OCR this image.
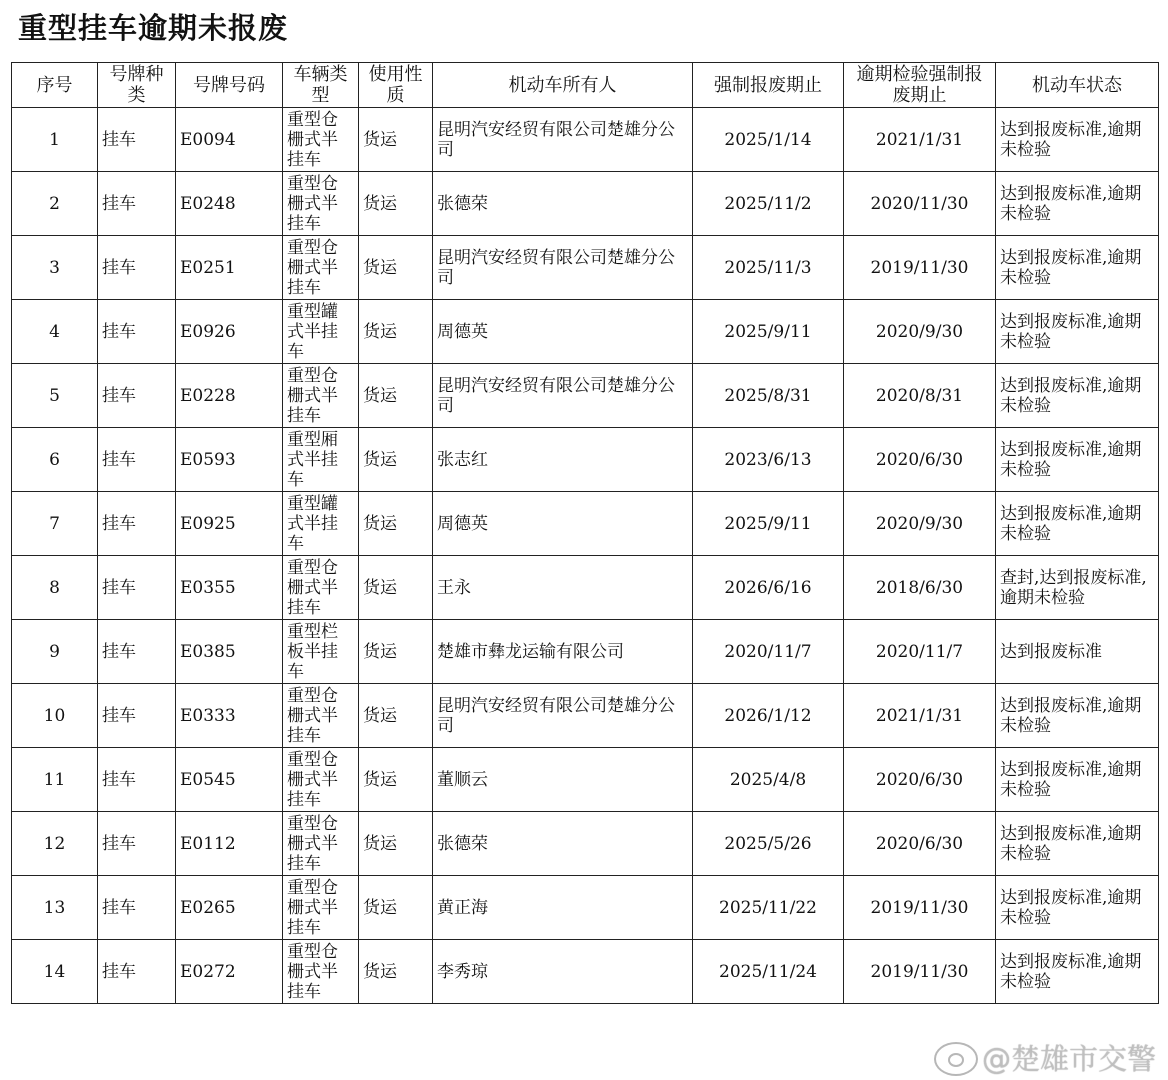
重型挂车逾期未报废
序号	号牌种类	号牌号码	车辆类型	使用性质	机动车所有人	强制报废期止	逾期检验强制报废期止	机动车状态
1	挂车	E0094	重型仓栅式半挂车	货运	昆明汽安经贸有限公司楚雄分公司	2025/1/14	2021/1/31	达到报废标准,逾期未检验
2	挂车	E0248	重型仓栅式半挂车	货运	张德荣	2025/11/2	2020/11/30	达到报废标准,逾期未检验
3	挂车	E0251	重型仓栅式半挂车	货运	昆明汽安经贸有限公司楚雄分公司	2025/11/3	2019/11/30	达到报废标准,逾期未检验
4	挂车	E0926	重型罐式半挂车	货运	周德英	2025/9/11	2020/9/30	达到报废标准,逾期未检验
5	挂车	E0228	重型仓栅式半挂车	货运	昆明汽安经贸有限公司楚雄分公司	2025/8/31	2020/8/31	达到报废标准,逾期未检验
6	挂车	E0593	重型厢式半挂车	货运	张志红	2023/6/13	2020/6/30	达到报废标准,逾期未检验
7	挂车	E0925	重型罐式半挂车	货运	周德英	2025/9/11	2020/9/30	达到报废标准,逾期未检验
8	挂车	E0355	重型仓栅式半挂车	货运	王永	2026/6/16	2018/6/30	查封,达到报废标准,逾期未检验
9	挂车	E0385	重型栏板半挂车	货运	楚雄市彝龙运输有限公司	2020/11/7	2020/11/7	达到报废标准
10	挂车	E0333	重型仓栅式半挂车	货运	昆明汽安经贸有限公司楚雄分公司	2026/1/12	2021/1/31	达到报废标准,逾期未检验
11	挂车	E0545	重型仓栅式半挂车	货运	董顺云	2025/4/8	2020/6/30	达到报废标准,逾期未检验
12	挂车	E0112	重型仓栅式半挂车	货运	张德荣	2025/5/26	2020/6/30	达到报废标准,逾期未检验
13	挂车	E0265	重型仓栅式半挂车	货运	黄正海	2025/11/22	2019/11/30	达到报废标准,逾期未检验
14	挂车	E0272	重型仓栅式半挂车	货运	李秀琼	2025/11/24	2019/11/30	达到报废标准,逾期未检验
@楚雄市交警
